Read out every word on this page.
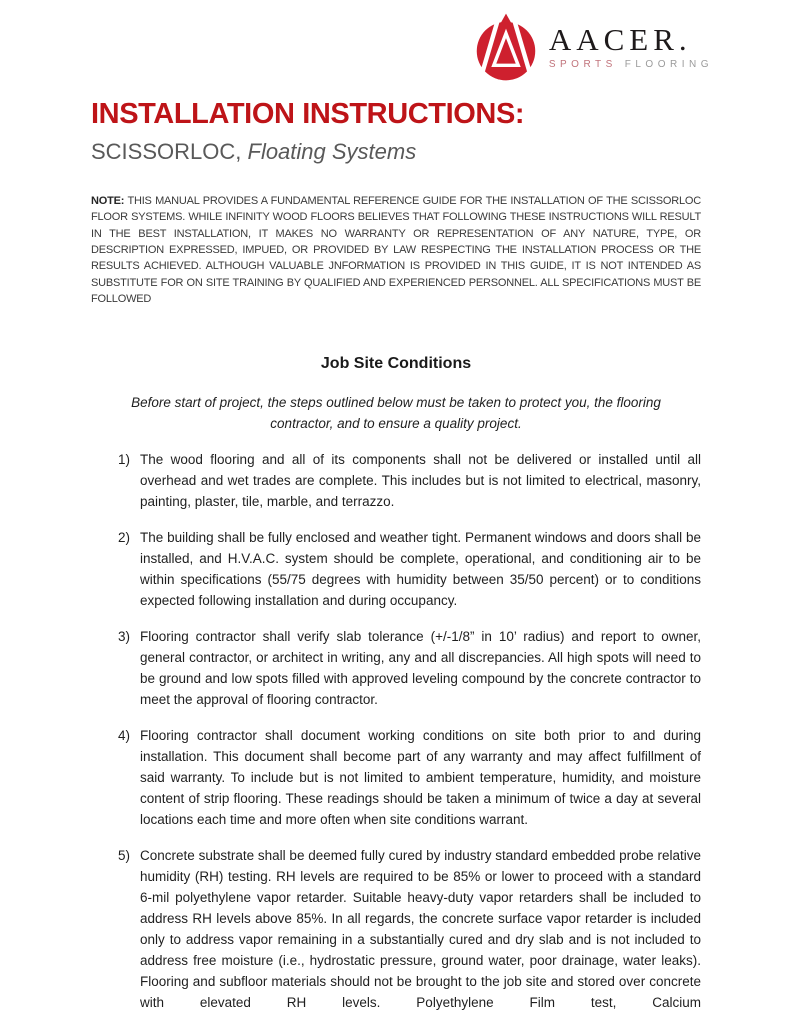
AACER.
SPORTS FLOORING
INSTALLATION INSTRUCTIONS:
SCISSORLOC, Floating Systems

NOTE: THIS MANUAL PROVIDES A FUNDAMENTAL REFERENCE GUIDE FOR THE INSTALLATION OF THE SCISSORLOC FLOOR SYSTEMS. WHILE INFINITY WOOD FLOORS BELIEVES THAT FOLLOWING THESE INSTRUCTIONS WILL RESULT IN THE BEST INSTALLATION, IT MAKES NO WARRANTY OR REPRESENTATION OF ANY NATURE, TYPE, OR DESCRIPTION EXPRESSED, IMPUED, OR PROVIDED BY LAW RESPECTING THE INSTALLATION PROCESS OR THE RESULTS ACHIEVED. ALTHOUGH VALUABLE JNFORMATION IS PROVIDED IN THIS GUIDE, IT IS NOT INTENDED AS SUBSTITUTE FOR ON SITE TRAINING BY QUALIFIED AND EXPERIENCED PERSONNEL. ALL SPECIFICATIONS MUST BE FOLLOWED

Job Site Conditions

Before start of project, the steps outlined below must be taken to protect you, the flooring contractor, and to ensure a quality project.

1) The wood flooring and all of its components shall not be delivered or installed until all overhead and wet trades are complete. This includes but is not limited to electrical, masonry, painting, plaster, tile, marble, and terrazzo.
2) The building shall be fully enclosed and weather tight. Permanent windows and doors shall be installed, and H.V.A.C. system should be complete, operational, and conditioning air to be within specifications (55/75 degrees with humidity between 35/50 percent) or to conditions expected following installation and during occupancy.
3) Flooring contractor shall verify slab tolerance (+/-1/8” in 10’ radius) and report to owner, general contractor, or architect in writing, any and all discrepancies. All high spots will need to be ground and low spots filled with approved leveling compound by the concrete contractor to meet the approval of flooring contractor.
4) Flooring contractor shall document working conditions on site both prior to and during installation. This document shall become part of any warranty and may affect fulfillment of said warranty. To include but is not limited to ambient temperature, humidity, and moisture content of strip flooring. These readings should be taken a minimum of twice a day at several locations each time and more often when site conditions warrant.
5) Concrete substrate shall be deemed fully cured by industry standard embedded probe relative humidity (RH) testing. RH levels are required to be 85% or lower to proceed with a standard 6-mil polyethylene vapor retarder. Suitable heavy-duty vapor retarders shall be included to address RH levels above 85%. In all regards, the concrete surface vapor retarder is included only to address vapor remaining in a substantially cured and dry slab and is not included to address free moisture (i.e., hydrostatic pressure, ground water, poor drainage, water leaks). Flooring and subfloor materials should not be brought to the job site and stored over concrete with elevated RH levels. Polyethylene Film test, Calcium
